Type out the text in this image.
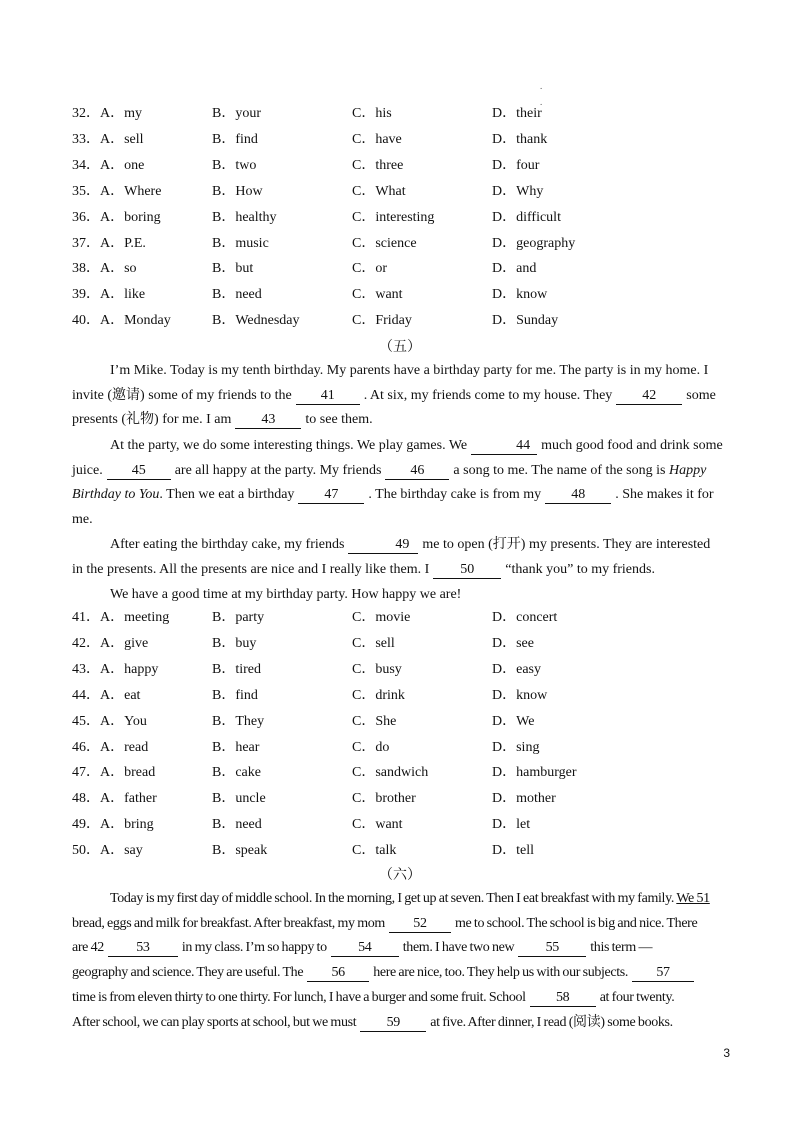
.
.
32． A．my	B．your	C．his	D．their
33． A．sell	B．find	C．have	D．thank
34． A．one	B．two	C．three	D．four
35． A．Where	B．How	C．What	D．Why
36． A．boring	B．healthy	C．interesting	D．difficult
37． A．P.E.	B．music	C．science	D．geography
38． A．so	B．but	C．or	D．and
39． A．like	B．need	C．want	D．know
40． A．Monday	B．Wednesday	C．Friday	D．Sunday
（五）
I’m Mike. Today is my tenth birthday. My parents have a birthday party for me. The party is in my home. I
invite (邀请) some of my friends to the 41 . At six, my friends come to my house. They 42 some
presents (礼物) for me. I am 43 to see them.
At the party, we do some interesting things. We play games. We	44 much good food and drink some
juice. 45 are all happy at the party. My friends 46 a song to me. The name of the song is Happy
Birthday to You. Then we eat a birthday 47 . The birthday cake is from my 48 . She makes it for
me.
After eating the birthday cake, my friends	49 me to open (打开) my presents. They are interested
in the presents. All the presents are nice and I really like them. I 50 “thank you” to my friends.
We have a good time at my birthday party. How happy we are!
41． A．meeting	B．party	C．movie	D．concert
42． A．give	B．buy	C．sell	D．see
43． A．happy	B．tired	C．busy	D．easy
44． A．eat	B．find	C．drink	D．know
45． A．You	B．They	C．She	D．We
46． A．read	B．hear	C．do	D．sing
47． A．bread	B．cake	C．sandwich	D．hamburger
48． A．father	B．uncle	C．brother	D．mother
49． A．bring	B．need	C．want	D．let
50． A．say	B．speak	C．talk	D．tell
（六）
Today is my first day of middle school. In the morning, I get up at seven. Then I eat breakfast with my family. We 51
bread, eggs and milk for breakfast. After breakfast, my mom 52 me to school. The school is big and nice. There
are 42 53 in my class. I’m so happy to 54 them. I have two new 55 this term —
geography and science. They are useful. The 56 here are nice, too. They help us with our subjects. 57
time is from eleven thirty to one thirty. For lunch, I have a burger and some fruit. School 58 at four twenty.
After school, we can play sports at school, but we must 59 at five. After dinner, I read (阅读) some books.
3
